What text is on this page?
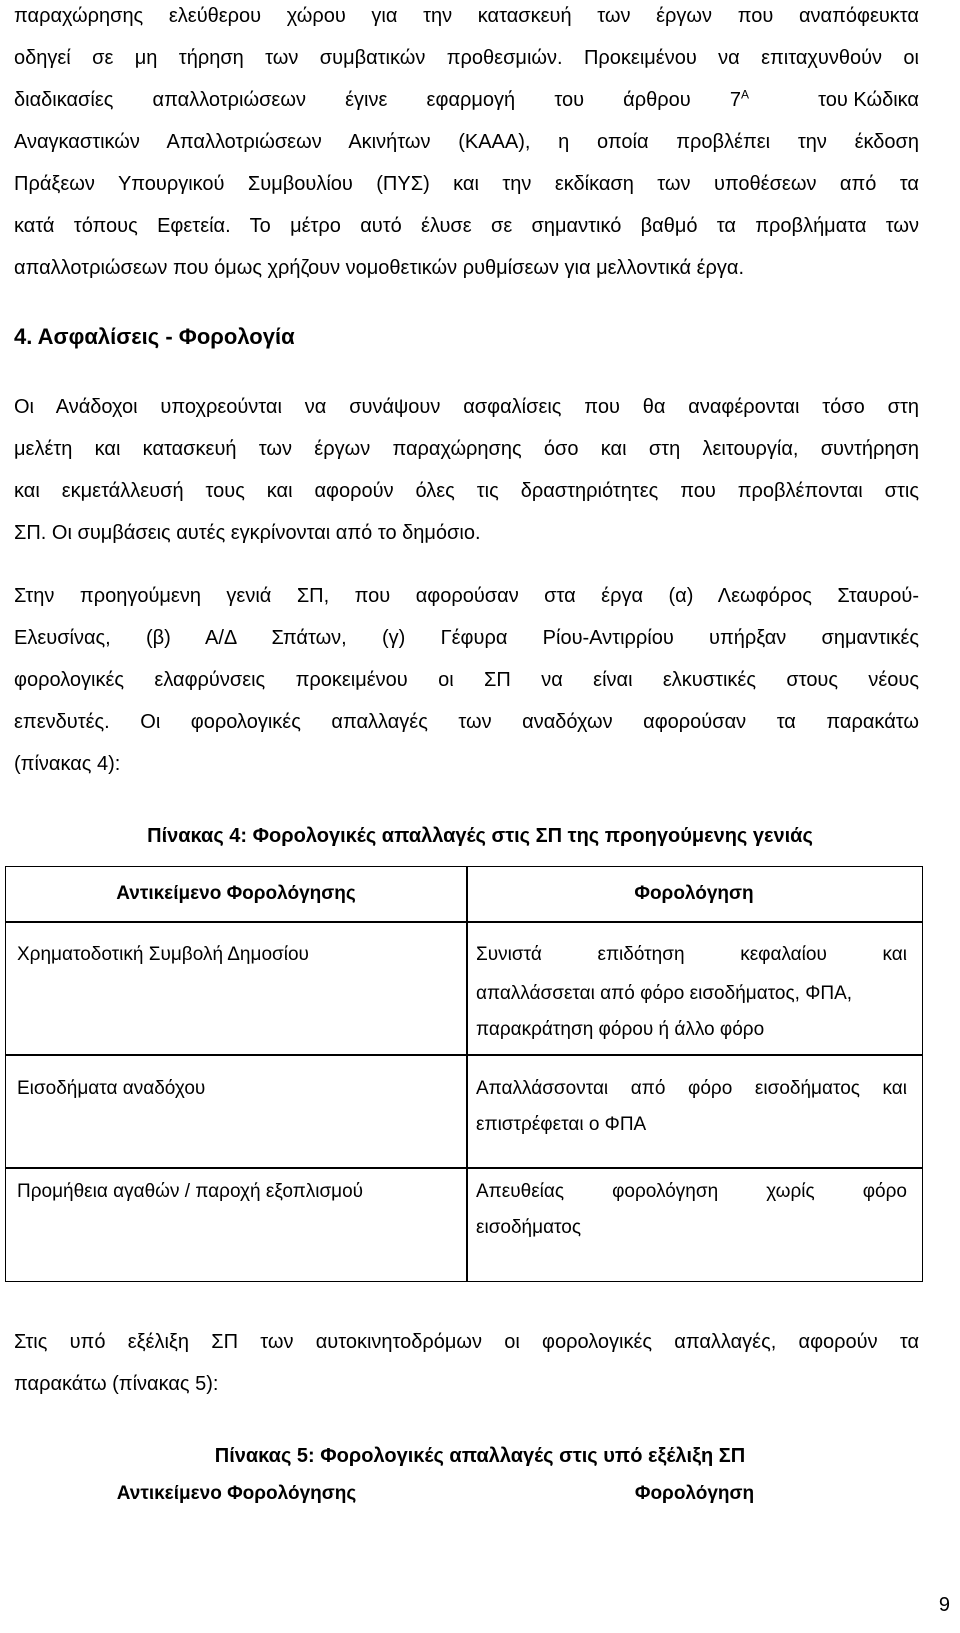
παραχώρησης ελεύθερου χώρου για την κατασκευή των έργων που αναπόφευκτα
οδηγεί σε μη τήρηση των συμβατικών προθεσμιών. Προκειμένου να επιταχυνθούν οι
διαδικασίες απαλλοτριώσεων έγινε εφαρμογή του άρθρου $7^A$	του Κώδικα
Αναγκαστικών Απαλλοτριώσεων Ακινήτων (ΚΑΑΑ), η οποία προβλέπει την έκδοση
Πράξεων Υπουργικού Συμβουλίου (ΠΥΣ) και την εκδίκαση των υποθέσεων από τα
κατά τόπους Εφετεία. Το μέτρο αυτό έλυσε σε σημαντικό βαθμό τα προβλήματα των
απαλλοτριώσεων που όμως χρήζουν νομοθετικών ρυθμίσεων για μελλοντικά έργα.
4. Ασφαλίσεις - Φορολογία
Οι Ανάδοχοι υποχρεούνται να συνάψουν ασφαλίσεις που θα αναφέρονται τόσο στη
μελέτη και κατασκευή των έργων παραχώρησης όσο και στη λειτουργία, συντήρηση
και εκμετάλλευσή τους και αφορούν όλες τις δραστηριότητες που προβλέπονται στις
ΣΠ. Οι συμβάσεις αυτές εγκρίνονται από το δημόσιο.
Στην προηγούμενη γενιά ΣΠ, που αφορούσαν στα έργα (α) Λεωφόρος Σταυρού-
Ελευσίνας, (β) Α/Δ Σπάτων, (γ) Γέφυρα Ρίου-Αντιρρίου υπήρξαν σημαντικές
φορολογικές ελαφρύνσεις προκειμένου οι ΣΠ να είναι ελκυστικές στους νέους
επενδυτές. Οι φορολογικές απαλλαγές των αναδόχων αφορούσαν τα παρακάτω
(πίνακας 4):
Πίνακας 4: Φορολογικές απαλλαγές στις ΣΠ της προηγούμενης γενιάς
Αντικείμενο Φορολόγησης	Φορολόγηση
Χρηματοδοτική Συμβολή Δημοσίου	Συνιστά επιδότηση κεφαλαίου και
απαλλάσσεται από φόρο εισοδήματος, ΦΠΑ,
παρακράτηση φόρου ή άλλο φόρο
Εισοδήματα αναδόχου	Απαλλάσσονται από φόρο εισοδήματος και
επιστρέφεται ο ΦΠΑ
Προμήθεια αγαθών / παροχή εξοπλισμού	Απευθείας φορολόγηση χωρίς φόρο
εισοδήματος
Στις υπό εξέλιξη ΣΠ των αυτοκινητοδρόμων οι φορολογικές απαλλαγές, αφορούν τα
παρακάτω (πίνακας 5):
Πίνακας 5: Φορολογικές απαλλαγές στις υπό εξέλιξη ΣΠ
Αντικείμενο Φορολόγησης	Φορολόγηση
9
